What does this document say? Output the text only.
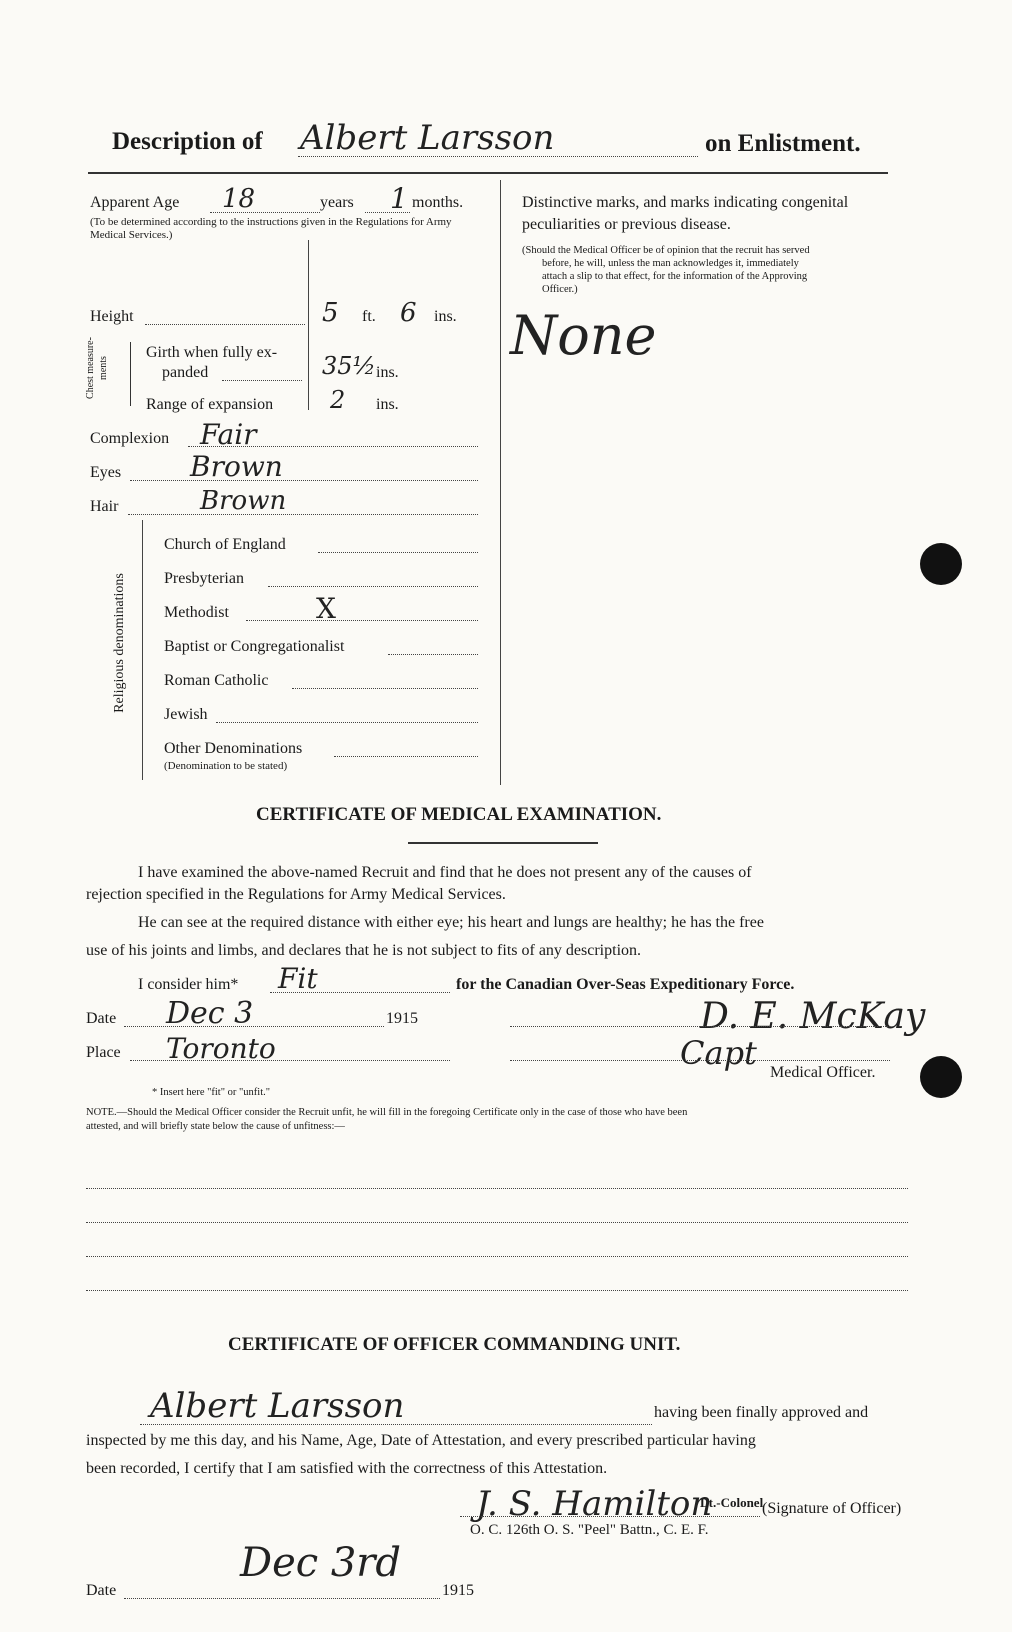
Description of Albert Larsson	on Enlistment.
Apparent Age 18	years 1 months.
(To be determined according to the instructions given in the Regulations for Army Medical Services.)
Height	5 ft. 6 ins.
Chest measure-ments
Girth when fully ex-
panded	35½ ins.
Range of expansion 2 ins.
Complexion Fair
Eyes Brown
Hair	Brown
Religious denominations
Church of England
Presbyterian
Methodist	X
Baptist or Congregationalist
Roman Catholic
Jewish
Other Denominations
(Denomination to be stated)
Distinctive marks, and marks indicating congenital
peculiarities or previous disease.
(Should the Medical Officer be of opinion that the recruit has served
before, he will, unless the man acknowledges it, immediately
attach a slip to that effect, for the information of the Approving
Officer.)
None
CERTIFICATE OF MEDICAL EXAMINATION.
I have examined the above-named Recruit and find that he does not present any of the causes of
rejection specified in the Regulations for Army Medical Services.
He can see at the required distance with either eye; his heart and lungs are healthy; he has the free
use of his joints and limbs, and declares that he is not subject to fits of any description.
I consider him* Fit	for the Canadian Over-Seas Expeditionary Force.
Date Dec 3	1915
Place Toronto
D. E. McKay
Capt
Medical Officer.
* Insert here "fit" or "unfit."
NOTE.—Should the Medical Officer consider the Recruit unfit, he will fill in the foregoing Certificate only in the case of those who have been
attested, and will briefly state below the cause of unfitness:—
CERTIFICATE OF OFFICER COMMANDING UNIT.
Albert Larsson	having been finally approved and
inspected by me this day, and his Name, Age, Date of Attestation, and every prescribed particular having
been recorded, I certify that I am satisfied with the correctness of this Attestation.
J. S. Hamilton
Lt.-Colonel
(Signature of Officer)
O. C. 126th O. S. "Peel" Battn., C. E. F.
Date
Dec 3rd
1915
